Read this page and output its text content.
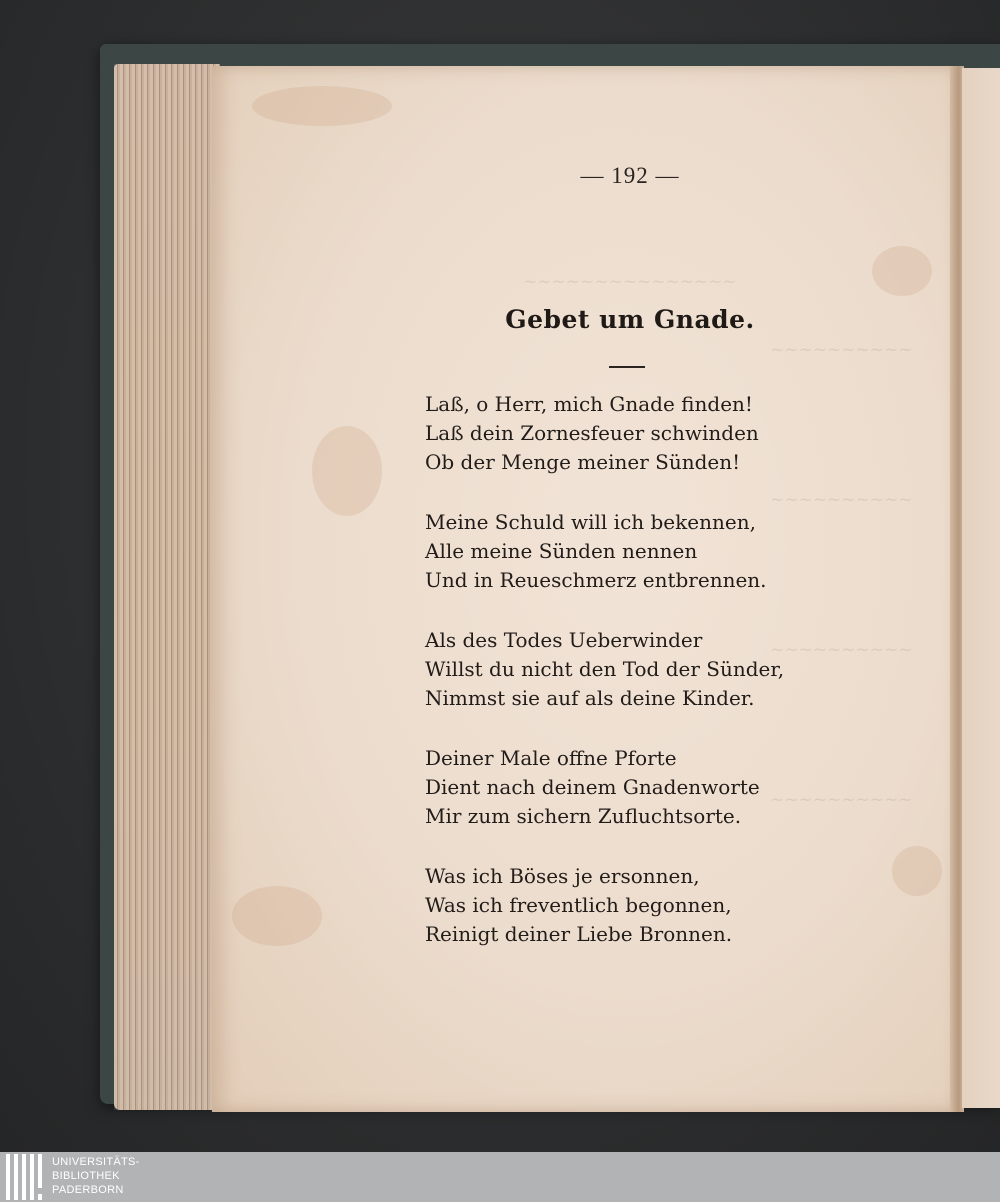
~~~~~~~~~~~~~~~
~~~~~~~~~~
~~~~~~~~~~
~~~~~~~~~~
~~~~~~~~~~
— 192 —
Gebet um Gnade.
Laß, o Herr, mich Gnade finden!
Laß dein Zornesfeuer schwinden
Ob der Menge meiner Sünden!
Meine Schuld will ich bekennen,
Alle meine Sünden nennen
Und in Reueschmerz entbrennen.
Als des Todes Ueberwinder
Willst du nicht den Tod der Sünder,
Nimmst sie auf als deine Kinder.
Deiner Male offne Pforte
Dient nach deinem Gnadenworte
Mir zum sichern Zufluchtsorte.
Was ich Böses je ersonnen,
Was ich freventlich begonnen,
Reinigt deiner Liebe Bronnen.
UNIVERSITÄTS-
BIBLIOTHEK
PADERBORN
